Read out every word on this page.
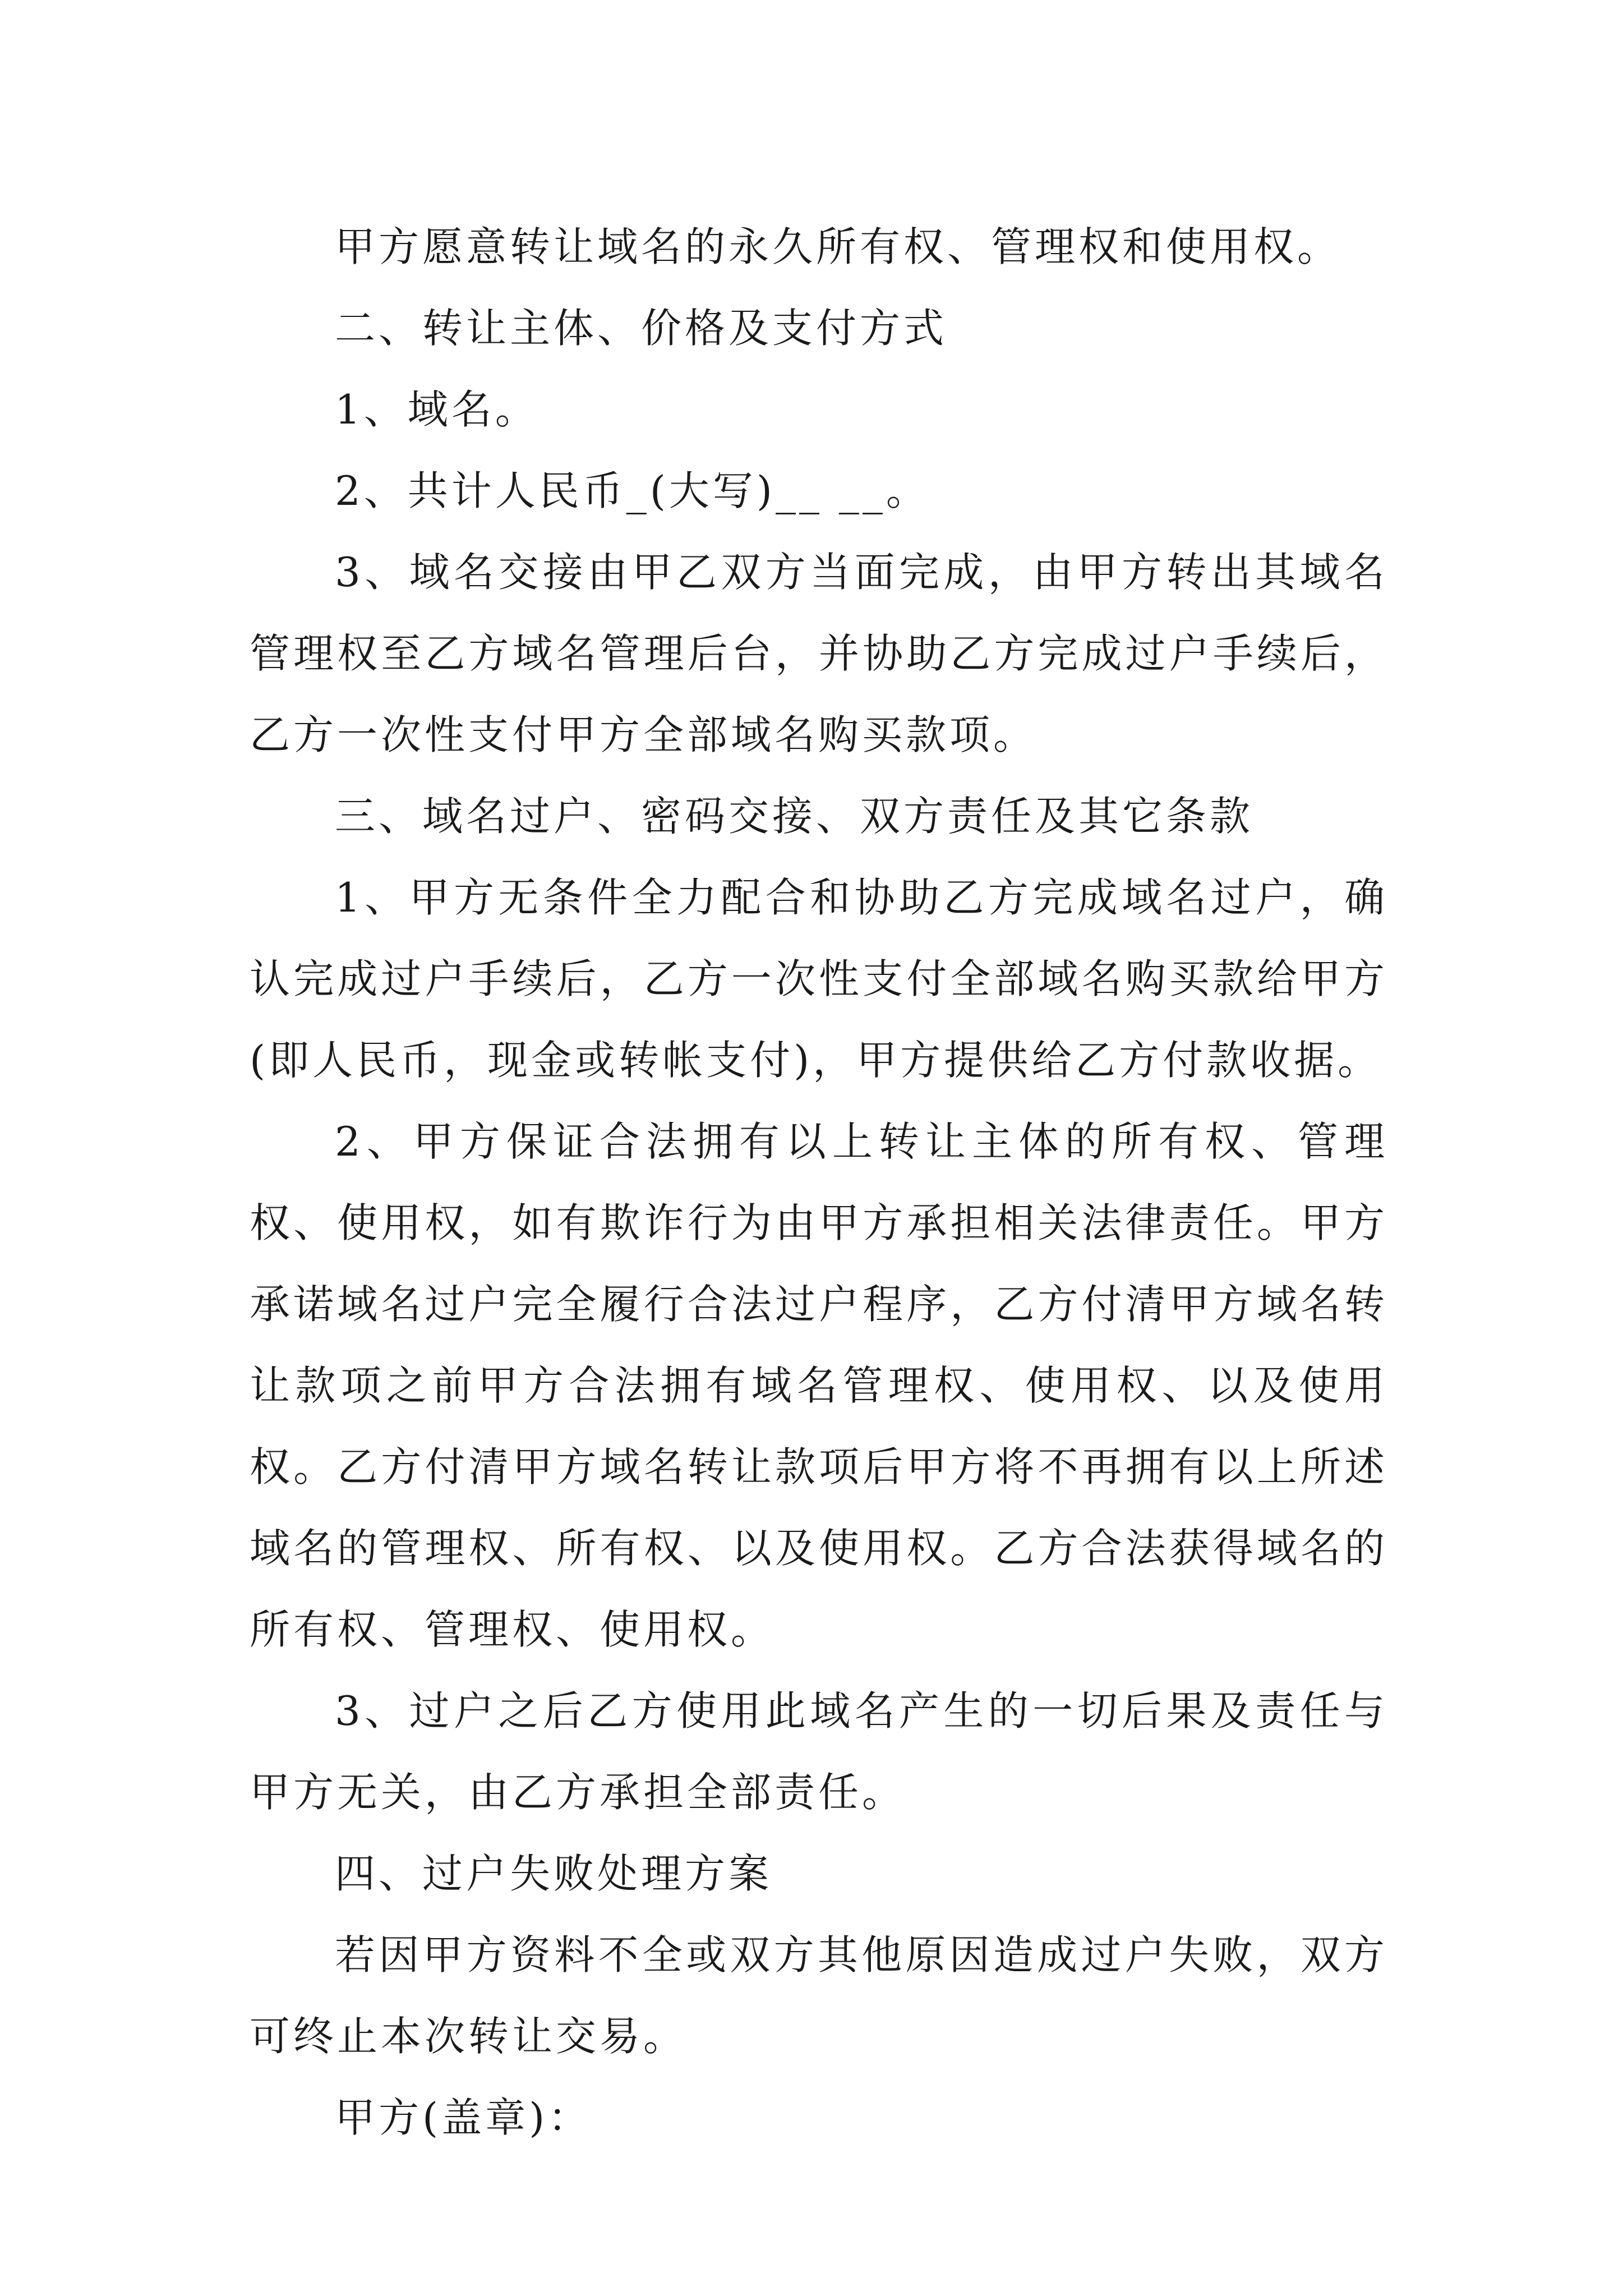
甲方愿意转让域名的永久所有权、管理权和使用权。

二、转让主体、价格及支付方式

1、域名。

2、共计人民币_(大写)__ __。

3、域名交接由甲乙双方当面完成，由甲方转出其域名管理权至乙方域名管理后台，并协助乙方完成过户手续后，乙方一次性支付甲方全部域名购买款项。

三、域名过户、密码交接、双方责任及其它条款

1、甲方无条件全力配合和协助乙方完成域名过户，确认完成过户手续后，乙方一次性支付全部域名购买款给甲方(即人民币，现金或转帐支付)，甲方提供给乙方付款收据。

2、甲方保证合法拥有以上转让主体的所有权、管理权、使用权，如有欺诈行为由甲方承担相关法律责任。甲方承诺域名过户完全履行合法过户程序，乙方付清甲方域名转让款项之前甲方合法拥有域名管理权、使用权、以及使用权。乙方付清甲方域名转让款项后甲方将不再拥有以上所述域名的管理权、所有权、以及使用权。乙方合法获得域名的所有权、管理权、使用权。

3、过户之后乙方使用此域名产生的一切后果及责任与甲方无关，由乙方承担全部责任。

四、过户失败处理方案

若因甲方资料不全或双方其他原因造成过户失败，双方可终止本次转让交易。

甲方(盖章)：
